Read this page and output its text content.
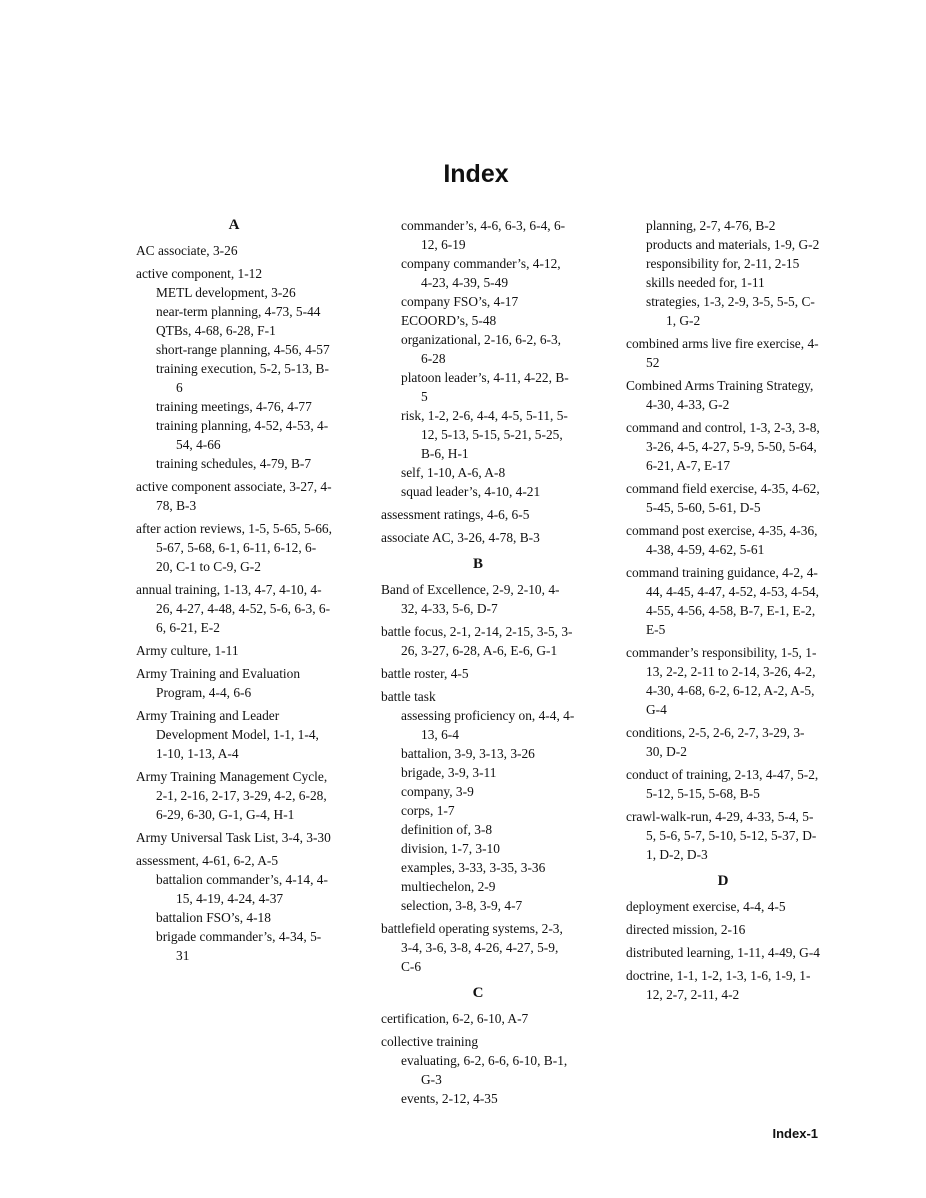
Index
A
AC associate, 3-26
active component, 1-12
METL development, 3-26
near-term planning, 4-73, 5-44
QTBs, 4-68, 6-28, F-1
short-range planning, 4-56, 4-57
training execution, 5-2, 5-13, B-6
training meetings, 4-76, 4-77
training planning, 4-52, 4-53, 4-54, 4-66
training schedules, 4-79, B-7
active component associate, 3-27, 4-78, B-3
after action reviews, 1-5, 5-65, 5-66, 5-67, 5-68, 6-1, 6-11, 6-12, 6-20, C-1 to C-9, G-2
annual training, 1-13, 4-7, 4-10, 4-26, 4-27, 4-48, 4-52, 5-6, 6-3, 6-6, 6-21, E-2
Army culture, 1-11
Army Training and Evaluation Program, 4-4, 6-6
Army Training and Leader Development Model, 1-1, 1-4, 1-10, 1-13, A-4
Army Training Management Cycle, 2-1, 2-16, 2-17, 3-29, 4-2, 6-28, 6-29, 6-30, G-1, G-4, H-1
Army Universal Task List, 3-4, 3-30
assessment, 4-61, 6-2, A-5
battalion commander’s, 4-14, 4-15, 4-19, 4-24, 4-37
battalion FSO’s, 4-18
brigade commander’s, 4-34, 5-31
commander’s, 4-6, 6-3, 6-4, 6-12, 6-19
company commander’s, 4-12, 4-23, 4-39, 5-49
company FSO’s, 4-17
ECOORD’s, 5-48
organizational, 2-16, 6-2, 6-3, 6-28
platoon leader’s, 4-11, 4-22, B-5
risk, 1-2, 2-6, 4-4, 4-5, 5-11, 5-12, 5-13, 5-15, 5-21, 5-25, B-6, H-1
self, 1-10, A-6, A-8
squad leader’s, 4-10, 4-21
assessment ratings, 4-6, 6-5
associate AC, 3-26, 4-78, B-3
B
Band of Excellence, 2-9, 2-10, 4-32, 4-33, 5-6, D-7
battle focus, 2-1, 2-14, 2-15, 3-5, 3-26, 3-27, 6-28, A-6, E-6, G-1
battle roster, 4-5
battle task
assessing proficiency on, 4-4, 4-13, 6-4
battalion, 3-9, 3-13, 3-26
brigade, 3-9, 3-11
company, 3-9
corps, 1-7
definition of, 3-8
division, 1-7, 3-10
examples, 3-33, 3-35, 3-36
multiechelon, 2-9
selection, 3-8, 3-9, 4-7
battlefield operating systems, 2-3, 3-4, 3-6, 3-8, 4-26, 4-27, 5-9, C-6
C
certification, 6-2, 6-10, A-7
collective training
evaluating, 6-2, 6-6, 6-10, B-1, G-3
events, 2-12, 4-35
planning, 2-7, 4-76, B-2
products and materials, 1-9, G-2
responsibility for, 2-11, 2-15
skills needed for, 1-11
strategies, 1-3, 2-9, 3-5, 5-5, C-1, G-2
combined arms live fire exercise, 4-52
Combined Arms Training Strategy, 4-30, 4-33, G-2
command and control, 1-3, 2-3, 3-8, 3-26, 4-5, 4-27, 5-9, 5-50, 5-64, 6-21, A-7, E-17
command field exercise, 4-35, 4-62, 5-45, 5-60, 5-61, D-5
command post exercise, 4-35, 4-36, 4-38, 4-59, 4-62, 5-61
command training guidance, 4-2, 4-44, 4-45, 4-47, 4-52, 4-53, 4-54, 4-55, 4-56, 4-58, B-7, E-1, E-2, E-5
commander’s responsibility, 1-5, 1-13, 2-2, 2-11 to 2-14, 3-26, 4-2, 4-30, 4-68, 6-2, 6-12, A-2, A-5, G-4
conditions, 2-5, 2-6, 2-7, 3-29, 3-30, D-2
conduct of training, 2-13, 4-47, 5-2, 5-12, 5-15, 5-68, B-5
crawl-walk-run, 4-29, 4-33, 5-4, 5-5, 5-6, 5-7, 5-10, 5-12, 5-37, D-1, D-2, D-3
D
deployment exercise, 4-4, 4-5
directed mission, 2-16
distributed learning, 1-11, 4-49, G-4
doctrine, 1-1, 1-2, 1-3, 1-6, 1-9, 1-12, 2-7, 2-11, 4-2
Index-1
